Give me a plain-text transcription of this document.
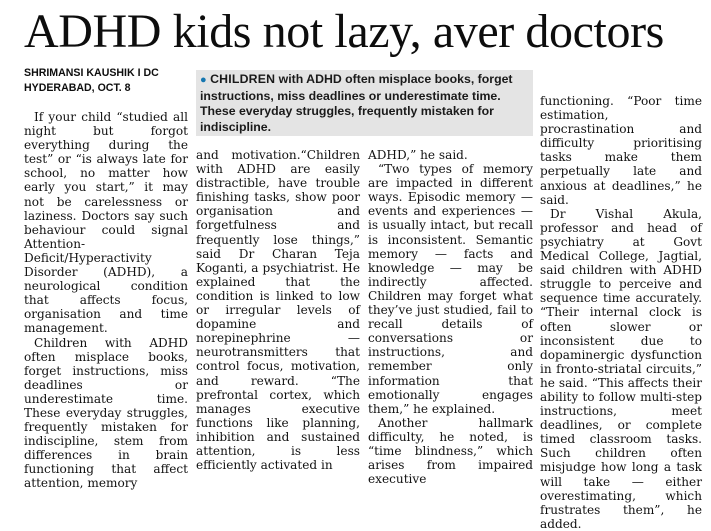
ADHD kids not lazy, aver doctors
SHRIMANSI KAUSHIK I DC
HYDERABAD, OCT. 8
● CHILDREN with ADHD often misplace books, forget instructions, miss deadlines or underestimate time. These everyday struggles, frequently mistaken for indiscipline.

If your child “studied all night but forgot everything during the test” or “is always late for school, no matter how early you start,” it may not be carelessness or laziness. Doctors say such behaviour could signal Attention-Deficit/Hyperactivity Disorder (ADHD), a neurological condition that affects focus, organisation and time management.

Children with ADHD often misplace books, forget instructions, miss deadlines or underestimate time. These everyday struggles, frequently mistaken for indiscipline, stem from differences in brain functioning that affect attention, memory

and motivation.“Children with ADHD are easily distractible, have trouble finishing tasks, show poor organisation and forgetfulness and frequently lose things,” said Dr Charan Teja Koganti, a psychiatrist. He explained that the condition is linked to low or irregular levels of dopamine and norepinephrine — neurotransmitters that control focus, motivation, and reward. “The prefrontal cortex, which manages executive functions like planning, inhibition and sustained attention, is less efficiently activated in

ADHD,” he said.

“Two types of memory are impacted in different ways. Episodic memory — events and experiences — is usually intact, but recall is inconsistent. Semantic memory — facts and knowledge — may be indirectly affected. Children may forget what they’ve just studied, fail to recall details of conversations or instructions, and remember only information that emotionally engages them,” he explained.

Another hallmark difficulty, he noted, is “time blindness,” which arises from impaired executive

functioning. “Poor time estimation, procrastination and difficulty prioritising tasks make them perpetually late and anxious at deadlines,” he said.

Dr Vishal Akula, professor and head of psychiatry at Govt Medical College, Jagtial, said children with ADHD struggle to perceive and sequence time accurately. “Their internal clock is often slower or inconsistent due to dopaminergic dysfunction in fronto-striatal circuits,” he said. “This affects their ability to follow multi-step instructions, meet deadlines, or complete timed classroom tasks. Such children often misjudge how long a task will take — either overestimating, which frustrates them”, he added.
